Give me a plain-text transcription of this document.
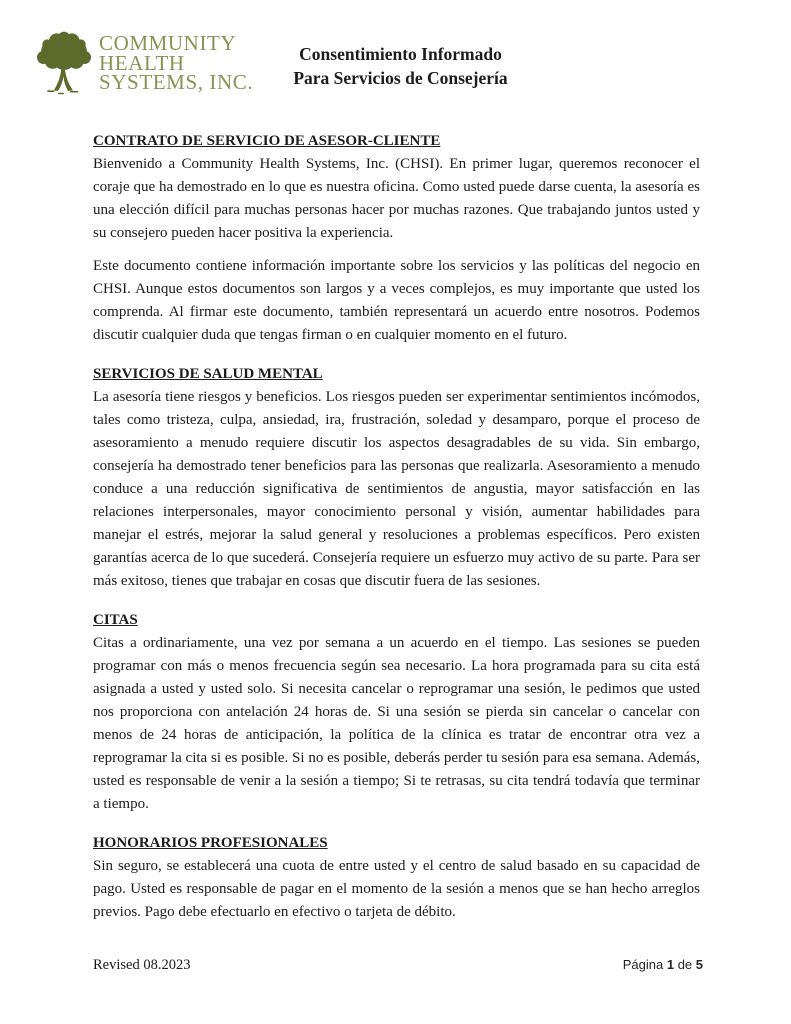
COMMUNITY
HEALTH
SYSTEMS, INC.
Consentimiento Informado
Para Servicios de Consejería
CONTRATO DE SERVICIO DE ASESOR-CLIENTE

Bienvenido a Community Health Systems, Inc. (CHSI). En primer lugar, queremos reconocer el coraje que ha demostrado en lo que es nuestra oficina. Como usted puede darse cuenta, la asesoría es una elección difícil para muchas personas hacer por muchas razones. Que trabajando juntos usted y su consejero pueden hacer positiva la experiencia.

Este documento contiene información importante sobre los servicios y las políticas del negocio en CHSI. Aunque estos documentos son largos y a veces complejos, es muy importante que usted los comprenda. Al firmar este documento, también representará un acuerdo entre nosotros. Podemos discutir cualquier duda que tengas firman o en cualquier momento en el futuro.

SERVICIOS DE SALUD MENTAL

La asesoría tiene riesgos y beneficios. Los riesgos pueden ser experimentar sentimientos incómodos, tales como tristeza, culpa, ansiedad, ira, frustración, soledad y desamparo, porque el proceso de asesoramiento a menudo requiere discutir los aspectos desagradables de su vida. Sin embargo, consejería ha demostrado tener beneficios para las personas que realizarla. Asesoramiento a menudo conduce a una reducción significativa de sentimientos de angustia, mayor satisfacción en las relaciones interpersonales, mayor conocimiento personal y visión, aumentar habilidades para manejar el estrés, mejorar la salud general y resoluciones a problemas específicos. Pero existen garantías acerca de lo que sucederá. Consejería requiere un esfuerzo muy activo de su parte. Para ser más exitoso, tienes que trabajar en cosas que discutir fuera de las sesiones.

CITAS

Citas a ordinariamente, una vez por semana a un acuerdo en el tiempo. Las sesiones se pueden programar con más o menos frecuencia según sea necesario. La hora programada para su cita está asignada a usted y usted solo. Si necesita cancelar o reprogramar una sesión, le pedimos que usted nos proporciona con antelación 24 horas de. Si una sesión se pierda sin cancelar o cancelar con menos de 24 horas de anticipación, la política de la clínica es tratar de encontrar otra vez a reprogramar la cita si es posible. Si no es posible, deberás perder tu sesión para esa semana. Además, usted es responsable de venir a la sesión a tiempo; Si te retrasas, su cita tendrá todavía que terminar a tiempo.

HONORARIOS PROFESIONALES

Sin seguro, se establecerá una cuota de entre usted y el centro de salud basado en su capacidad de pago. Usted es responsable de pagar en el momento de la sesión a menos que se han hecho arreglos previos. Pago debe efectuarlo en efectivo o tarjeta de débito.

Revised 08.2023	Página 1 de 5
